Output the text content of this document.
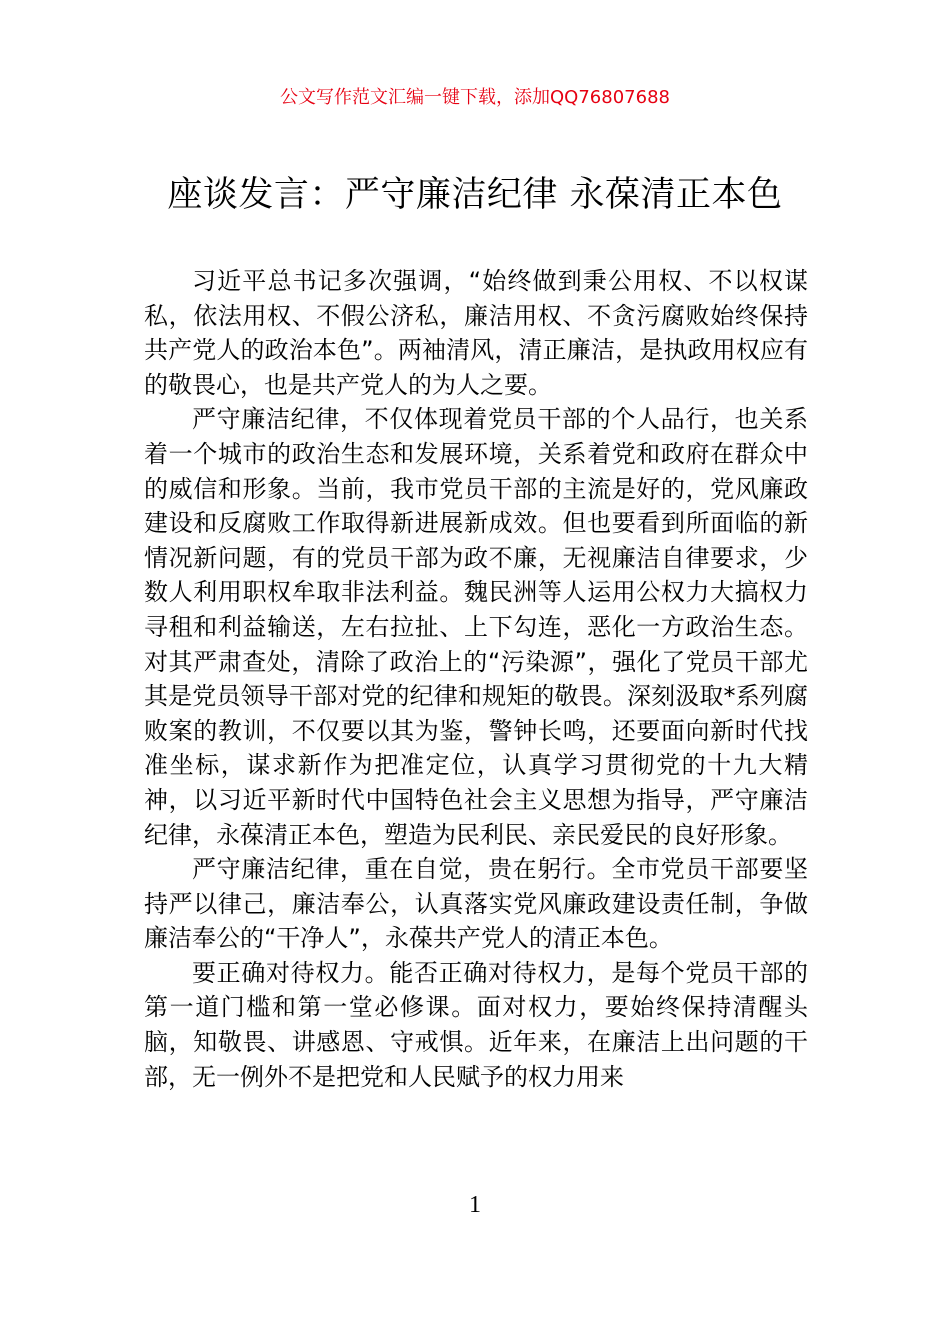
公文写作范文汇编一键下载，添加QQ76807688
座谈发言：严守廉洁纪律 永葆清正本色

习近平总书记多次强调，“始终做到秉公用权、不以权谋私，依法用权、不假公济私，廉洁用权、不贪污腐败始终保持共产党人的政治本色”。两袖清风，清正廉洁，是执政用权应有的敬畏心，也是共产党人的为人之要。

严守廉洁纪律，不仅体现着党员干部的个人品行，也关系着一个城市的政治生态和发展环境，关系着党和政府在群众中的威信和形象。当前，我市党员干部的主流是好的，党风廉政建设和反腐败工作取得新进展新成效。但也要看到所面临的新情况新问题，有的党员干部为政不廉，无视廉洁自律要求，少数人利用职权牟取非法利益。魏民洲等人运用公权力大搞权力寻租和利益输送，左右拉扯、上下勾连，恶化一方政治生态。对其严肃查处，清除了政治上的“污染源”，强化了党员干部尤其是党员领导干部对党的纪律和规矩的敬畏。深刻汲取*系列腐败案的教训，不仅要以其为鉴，警钟长鸣，还要面向新时代找准坐标，谋求新作为把准定位，认真学习贯彻党的十九大精神，以习近平新时代中国特色社会主义思想为指导，严守廉洁纪律，永葆清正本色，塑造为民利民、亲民爱民的良好形象。

严守廉洁纪律，重在自觉，贵在躬行。全市党员干部要坚持严以律己，廉洁奉公，认真落实党风廉政建设责任制，争做廉洁奉公的“干净人”，永葆共产党人的清正本色。

要正确对待权力。能否正确对待权力，是每个党员干部的第一道门槛和第一堂必修课。面对权力，要始终保持清醒头脑，知敬畏、讲感恩、守戒惧。近年来，在廉洁上出问题的干部，无一例外不是把党和人民赋予的权力用来

1
